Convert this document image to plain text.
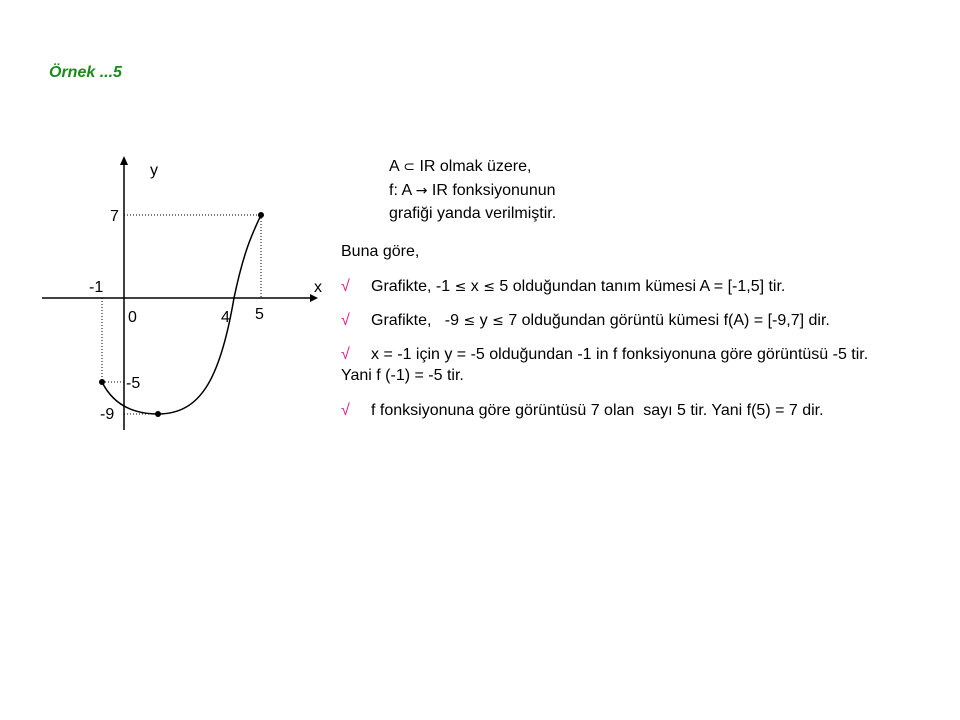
Örnek ...5
y
x
7
-1
0	4 5
-5
-9
A ⊂ IR olmak üzere,
f: A → IR fonksiyonunun
grafiği yanda verilmiştir.
Buna göre,
√ Grafikte, -1 ≤ x ≤ 5 olduğundan tanım kümesi A = [-1,5] tir.
√ Grafikte,   -9 ≤ y ≤ 7 olduğundan görüntü kümesi f(A) = [-9,7] dir.
√ x = -1 için y = -5 olduğundan -1 in f fonksiyonuna göre görüntüsü -5 tir.
Yani f (-1) = -5 tir.
√ f fonksiyonuna göre görüntüsü 7 olan  sayı 5 tir. Yani f(5) = 7 dir.
